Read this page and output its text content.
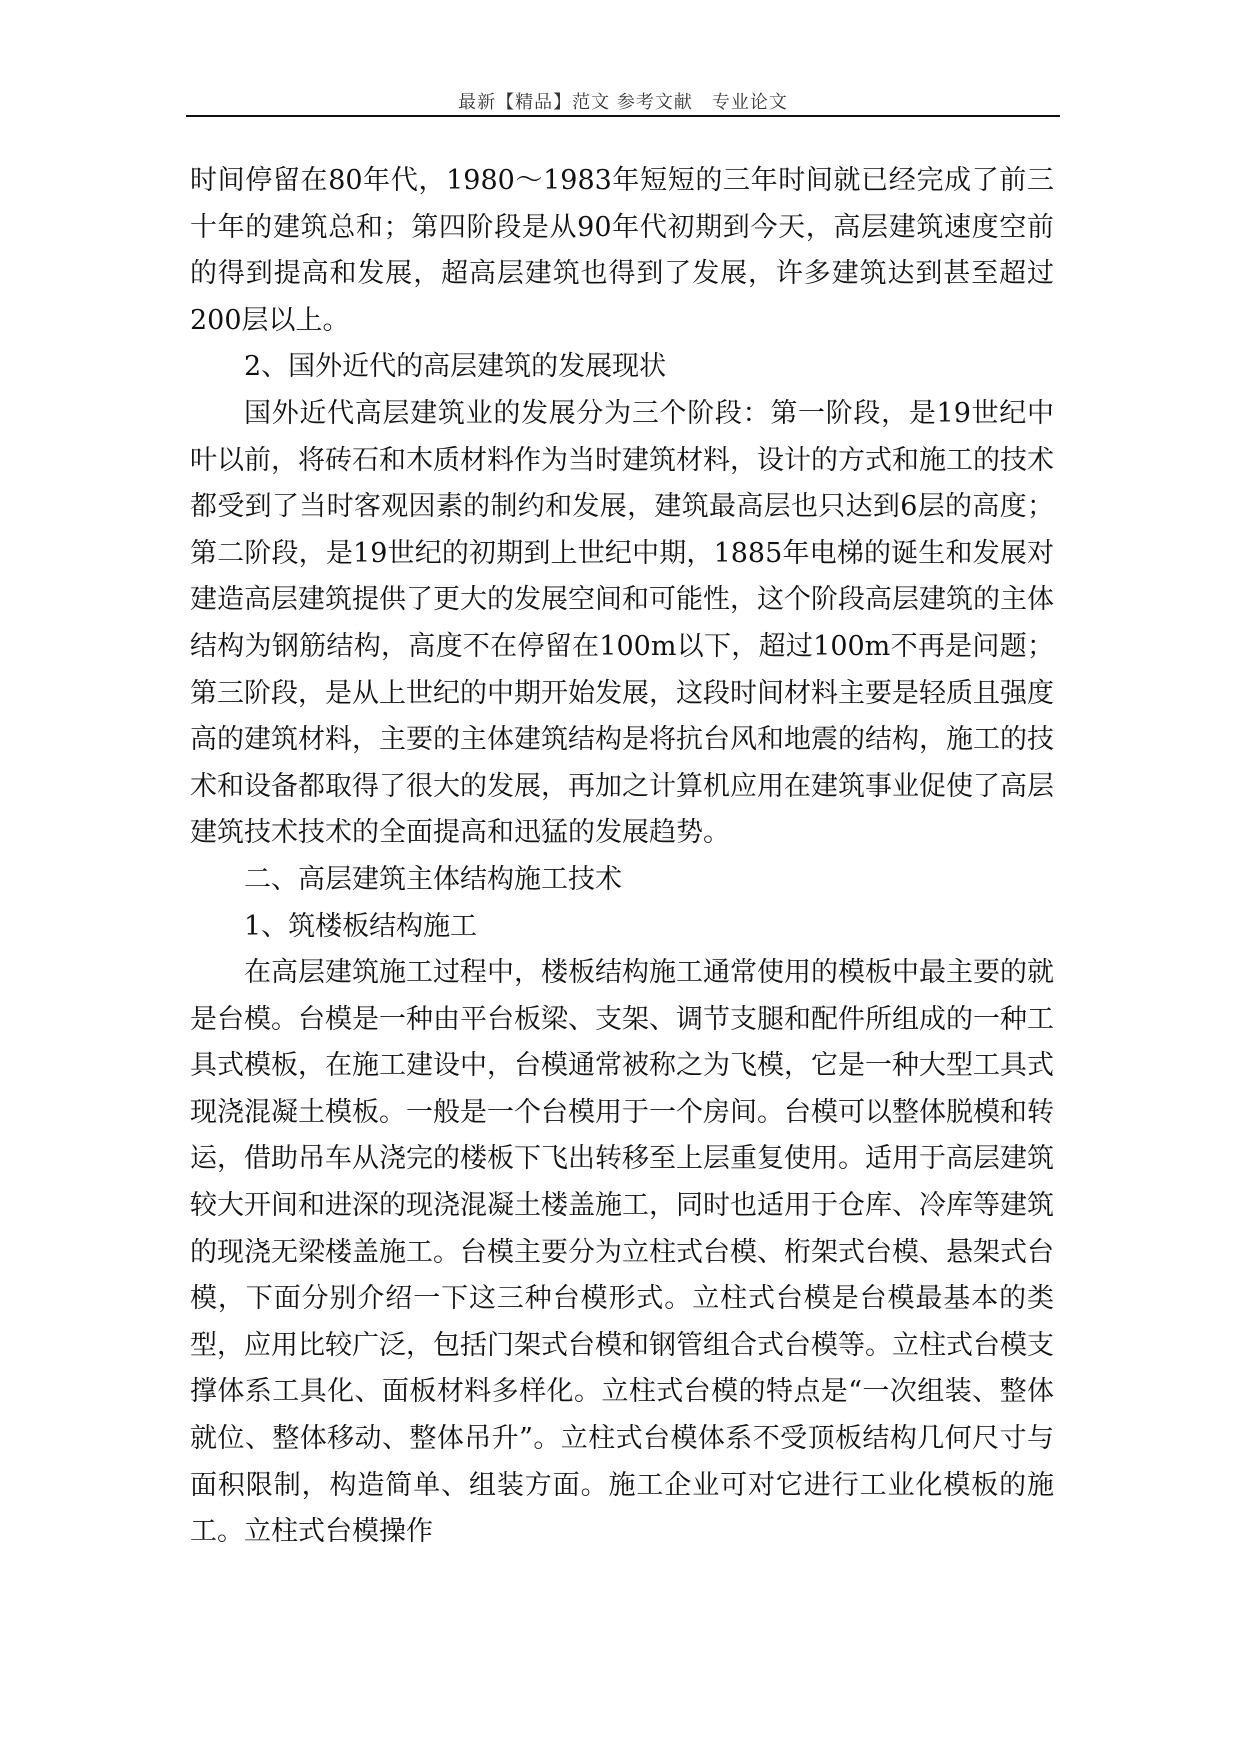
最新【精品】范文 参考文献　专业论文

时间停留在80年代，1980～1983年短短的三年时间就已经完成了前三十年的建筑总和；第四阶段是从90年代初期到今天，高层建筑速度空前的得到提高和发展，超高层建筑也得到了发展，许多建筑达到甚至超过200层以上。

2、国外近代的高层建筑的发展现状

国外近代高层建筑业的发展分为三个阶段：第一阶段，是19世纪中叶以前，将砖石和木质材料作为当时建筑材料，设计的方式和施工的技术都受到了当时客观因素的制约和发展，建筑最高层也只达到6层的高度；第二阶段，是19世纪的初期到上世纪中期，1885年电梯的诞生和发展对建造高层建筑提供了更大的发展空间和可能性，这个阶段高层建筑的主体结构为钢筋结构，高度不在停留在100m以下，超过100m不再是问题；第三阶段，是从上世纪的中期开始发展，这段时间材料主要是轻质且强度高的建筑材料，主要的主体建筑结构是将抗台风和地震的结构，施工的技术和设备都取得了很大的发展，再加之计算机应用在建筑事业促使了高层建筑技术技术的全面提高和迅猛的发展趋势。

二、高层建筑主体结构施工技术

1、筑楼板结构施工

在高层建筑施工过程中，楼板结构施工通常使用的模板中最主要的就是台模。台模是一种由平台板梁、支架、调节支腿和配件所组成的一种工具式模板，在施工建设中，台模通常被称之为飞模，它是一种大型工具式现浇混凝土模板。一般是一个台模用于一个房间。台模可以整体脱模和转运，借助吊车从浇完的楼板下飞出转移至上层重复使用。适用于高层建筑较大开间和进深的现浇混凝土楼盖施工，同时也适用于仓库、冷库等建筑的现浇无梁楼盖施工。台模主要分为立柱式台模、桁架式台模、悬架式台模，下面分别介绍一下这三种台模形式。立柱式台模是台模最基本的类型，应用比较广泛，包括门架式台模和钢管组合式台模等。立柱式台模支撑体系工具化、面板材料多样化。立柱式台模的特点是“一次组装、整体就位、整体移动、整体吊升”。立柱式台模体系不受顶板结构几何尺寸与面积限制，构造简单、组装方面。施工企业可对它进行工业化模板的施工。立柱式台模操作
